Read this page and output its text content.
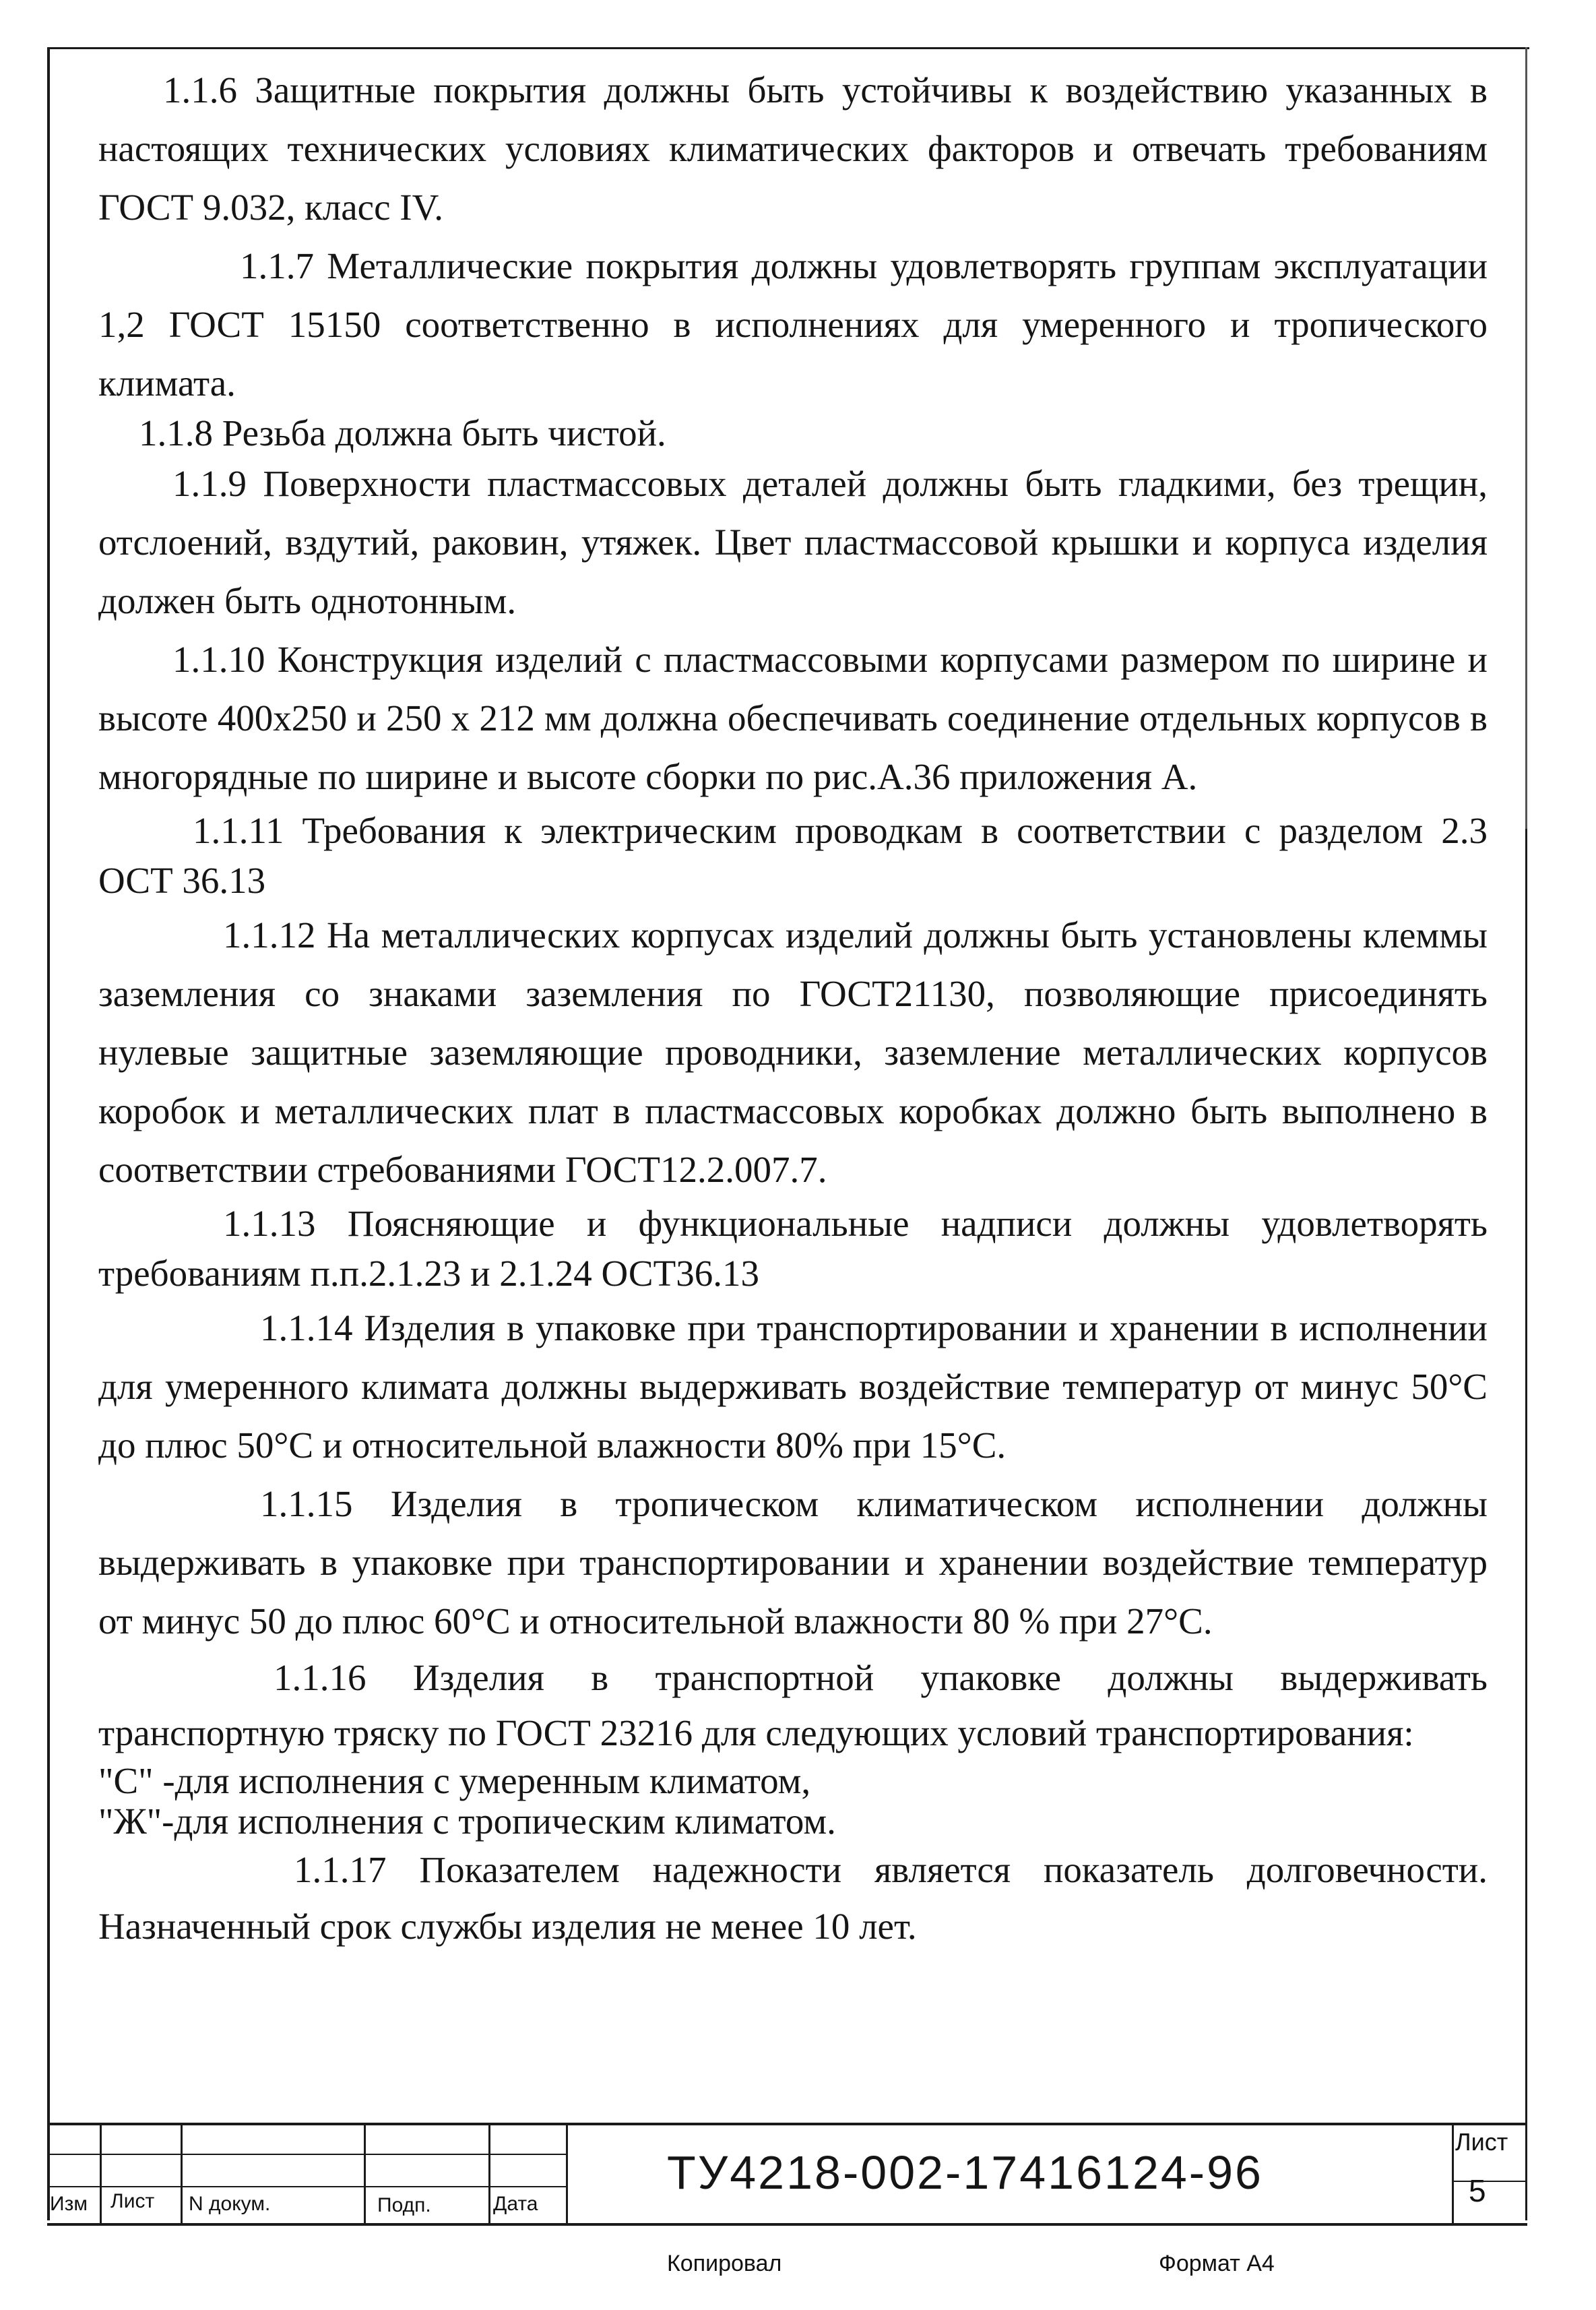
1.1.6 Защитные покрытия должны быть устойчивы к воздействию указанных в настоящих технических условиях климатических факторов и отвечать требованиям ГОСТ 9.032, класс IV.

1.1.7 Металлические покрытия должны удовлетворять группам эксплуатации 1,2 ГОСТ 15150 соответственно в исполнениях для умеренного и тропического климата.

1.1.8 Резьба должна быть чистой.

1.1.9 Поверхности пластмассовых деталей должны быть гладкими, без трещин, отслоений, вздутий, раковин, утяжек. Цвет пластмассовой крышки и корпуса изделия должен быть однотонным.

1.1.10 Конструкция изделий с пластмассовыми корпусами размером по ширине и высоте 400х250 и 250 х 212 мм должна обеспечивать соединение отдельных корпусов в многорядные по ширине и высоте сборки по рис.А.36 приложения А.

1.1.11 Требования к электрическим проводкам в соответствии с разделом 2.3 ОСТ 36.13

1.1.12 На металлических корпусах изделий должны быть установлены клеммы заземления со знаками заземления по ГОСТ21130, позволяющие присоединять нулевые защитные заземляющие проводники, заземление металлических корпусов коробок и металлических плат в пластмассовых коробках должно быть выполнено в соответствии стребованиями ГОСТ12.2.007.7.

1.1.13 Поясняющие и функциональные надписи должны удовлетворять требованиям п.п.2.1.23 и 2.1.24 ОСТ36.13

1.1.14 Изделия в упаковке при транспортировании и хранении в исполнении для умеренного климата должны выдерживать воздействие температур от минус 50°С до плюс 50°С и относительной влажности 80% при 15°С.

1.1.15 Изделия в тропическом климатическом исполнении должны выдерживать в упаковке при транспортировании и хранении воздействие температур от минус 50 до плюс 60°С и относительной влажности 80 % при 27°С.

1.1.16 Изделия в транспортной упаковке должны выдерживать транспортную тряску по ГОСТ 23216 для следующих условий транспортирования:

"С" -для исполнения с умеренным климатом,

"Ж"-для исполнения с тропическим климатом.

1.1.17 Показателем надежности является показатель долговечности. Назначенный срок службы изделия не менее 10 лет.

Изм Лист N докум.	Подп.	Дата
ТУ4218-002-17416124-96
Лист
5
Копировал	Формат А4
